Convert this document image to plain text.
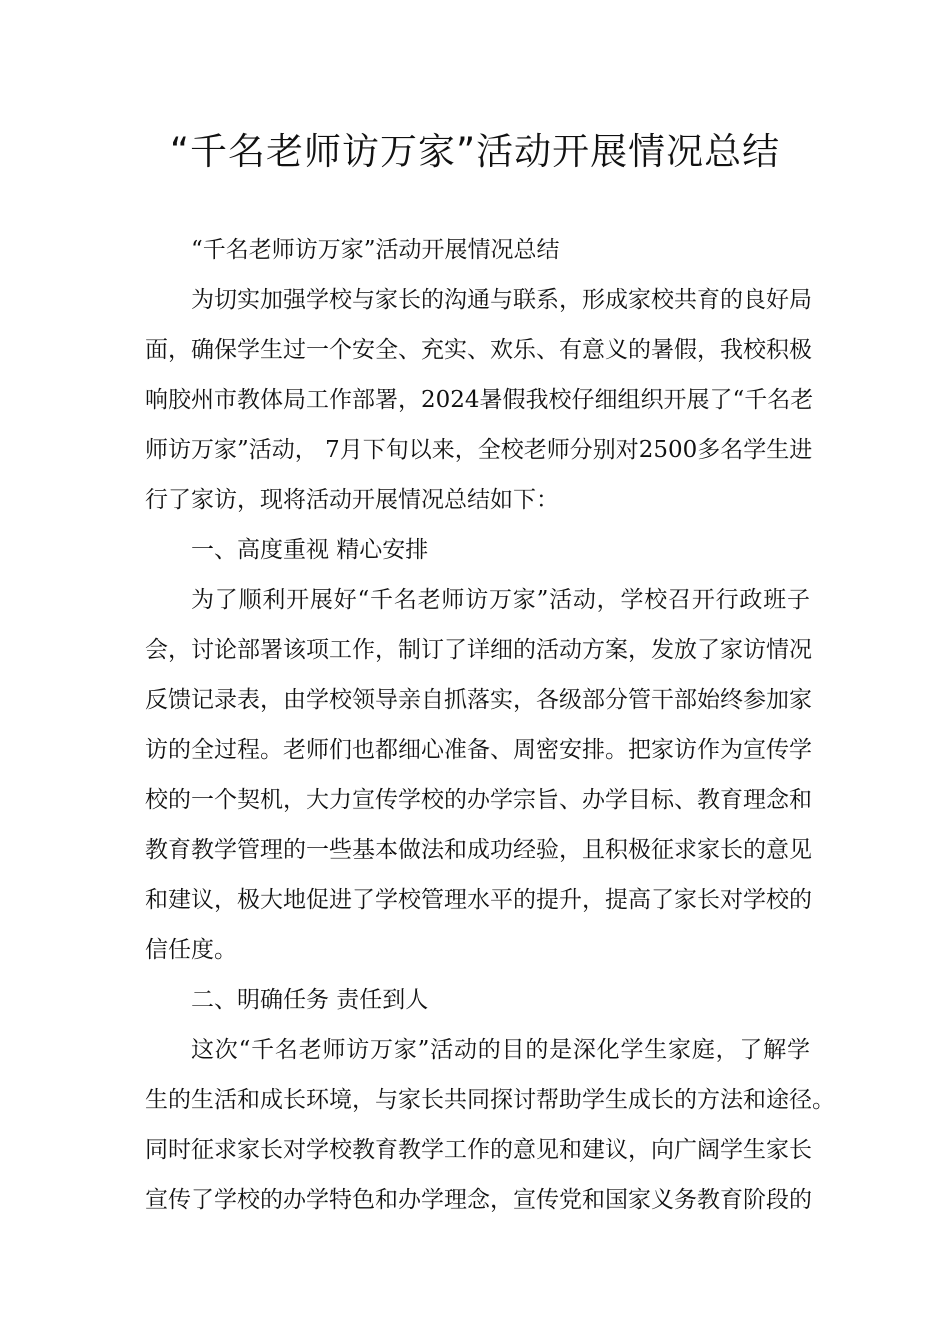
“千名老师访万家”活动开展情况总结
“千名老师访万家”活动开展情况总结
为切实加强学校与家长的沟通与联系，形成家校共育的良好局
面，确保学生过一个安全、充实、欢乐、有意义的暑假，我校积极
响胶州市教体局工作部署，2024暑假我校仔细组织开展了“千名老
师访万家”活动， 7月下旬以来，全校老师分别对2500多名学生进
行了家访，现将活动开展情况总结如下：
一、高度重视 精心安排
为了顺利开展好“千名老师访万家”活动，学校召开行政班子
会，讨论部署该项工作，制订了详细的活动方案，发放了家访情况
反馈记录表，由学校领导亲自抓落实，各级部分管干部始终参加家
访的全过程。老师们也都细心准备、周密安排。把家访作为宣传学
校的一个契机，大力宣传学校的办学宗旨、办学目标、教育理念和
教育教学管理的一些基本做法和成功经验，且积极征求家长的意见
和建议，极大地促进了学校管理水平的提升，提高了家长对学校的
信任度。
二、明确任务 责任到人
这次“千名老师访万家”活动的目的是深化学生家庭，了解学
生的生活和成长环境，与家长共同探讨帮助学生成长的方法和途径。
同时征求家长对学校教育教学工作的意见和建议，向广阔学生家长
宣传了学校的办学特色和办学理念，宣传党和国家义务教育阶段的
